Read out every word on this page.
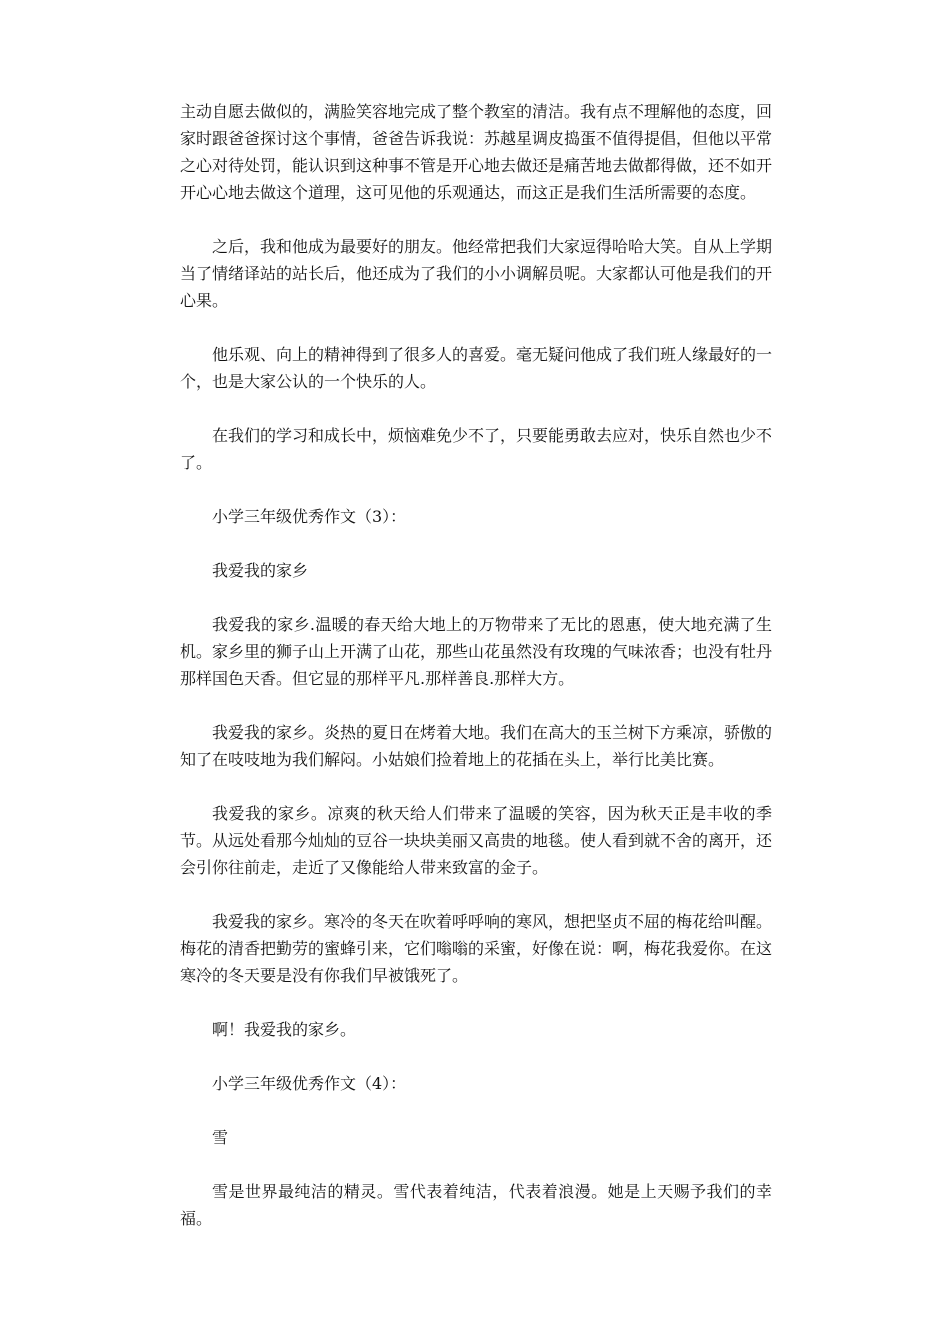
主动自愿去做似的，满脸笑容地完成了整个教室的清洁。我有点不理解他的态度，回家时跟爸爸探讨这个事情，爸爸告诉我说：苏越星调皮捣蛋不值得提倡，但他以平常之心对待处罚，能认识到这种事不管是开心地去做还是痛苦地去做都得做，还不如开开心心地去做这个道理，这可见他的乐观通达，而这正是我们生活所需要的态度。

之后，我和他成为最要好的朋友。他经常把我们大家逗得哈哈大笑。自从上学期当了情绪译站的站长后，他还成为了我们的小小调解员呢。大家都认可他是我们的开心果。

他乐观、向上的精神得到了很多人的喜爱。毫无疑问他成了我们班人缘最好的一个，也是大家公认的一个快乐的人。

在我们的学习和成长中，烦恼难免少不了，只要能勇敢去应对，快乐自然也少不了。

小学三年级优秀作文（3）：

我爱我的家乡

我爱我的家乡.温暖的春天给大地上的万物带来了无比的恩惠，使大地充满了生机。家乡里的狮子山上开满了山花，那些山花虽然没有玫瑰的气味浓香；也没有牡丹那样国色天香。但它显的那样平凡.那样善良.那样大方。

我爱我的家乡。炎热的夏日在烤着大地。我们在高大的玉兰树下方乘凉，骄傲的知了在吱吱地为我们解闷。小姑娘们捡着地上的花插在头上，举行比美比赛。

我爱我的家乡。凉爽的秋天给人们带来了温暖的笑容，因为秋天正是丰收的季节。从远处看那今灿灿的豆谷一块块美丽又高贵的地毯。使人看到就不舍的离开，还会引你往前走，走近了又像能给人带来致富的金子。

我爱我的家乡。寒冷的冬天在吹着呼呼响的寒风，想把坚贞不屈的梅花给叫醒。梅花的清香把勤劳的蜜蜂引来，它们嗡嗡的采蜜，好像在说：啊，梅花我爱你。在这寒冷的冬天要是没有你我们早被饿死了。

啊！我爱我的家乡。

小学三年级优秀作文（4）：

雪

雪是世界最纯洁的精灵。雪代表着纯洁，代表着浪漫。她是上天赐予我们的幸福。
